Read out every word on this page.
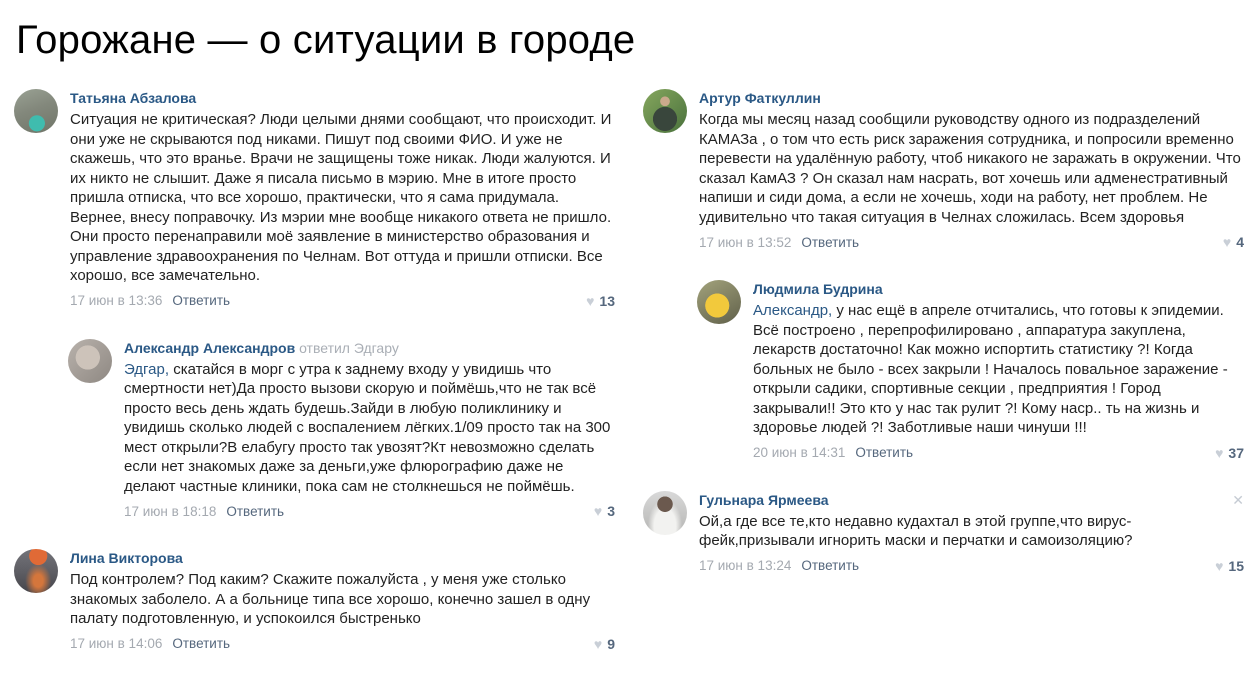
Горожане — о ситуации в городе
Татьяна Абзалова
Ситуация не критическая? Люди целыми днями сообщают, что происходит. И они уже не скрываются под никами. Пишут под своими ФИО. И уже не скажешь, что это вранье. Врачи не защищены тоже никак. Люди жалуются. И их никто не слышит. Даже я писала письмо в мэрию. Мне в итоге просто пришла отписка, что все хорошо, практически, что я сама придумала. Вернее, внесу поправочку. Из мэрии мне вообще никакого ответа не пришло. Они просто перенаправили моё заявление в министерство образования и управление здравоохранения по Челнам. Вот оттуда и пришли отписки. Все хорошо, все замечательно.
17 июн в 13:36 Ответить	♥ 13
Александр Александров ответил Эдгару
Эдгар, скатайся в морг с утра к заднему входу у увидишь что смертности нет)Да просто вызови скорую и поймёшь,что не так всё просто весь день ждать будешь.Зайди в любую поликлинику и увидишь сколько людей с воспалением лёгких.1/09 просто так на 300 мест открыли?В елабугу просто так увозят?Кт невозможно сделать если нет знакомых даже за деньги,уже флюрографию даже не делают частные клиники, пока сам не столкнешься не поймёшь.
17 июн в 18:18 Ответить	♥ 3
Лина Викторова
Под контролем? Под каким? Скажите пожалуйста , у меня уже столько знакомых заболело. А а больнице типа все хорошо, конечно зашел в одну палату подготовленную, и успокоился быстренько
17 июн в 14:06 Ответить	♥ 9
Артур Фаткуллин
Когда мы месяц назад сообщили руководству одного из подразделений КАМАЗа , о том что есть риск заражения сотрудника, и попросили временно перевести на удалённую работу, чтоб никакого не заражать в окружении. Что сказал КамАЗ ? Он сказал нам насрать, вот хочешь или адменестративный напиши и сиди дома, а если не хочешь, ходи на работу, нет проблем. Не удивительно что такая ситуация в Челнах сложилась. Всем здоровья
17 июн в 13:52 Ответить	♥ 4
Людмила Будрина
Александр, у нас ещё в апреле отчитались, что готовы к эпидемии. Всё построено , перепрофилировано , аппаратура закуплена, лекарств достаточно! Как можно испортить статистику ?! Когда больных не было - всех закрыли ! Началось повальное заражение - открыли садики, спортивные секции , предприятия ! Город закрывали!! Это кто у нас так рулит ?! Кому наср.. ть на жизнь и здоровье людей ?! Заботливые наши чинуши !!!
20 июн в 14:31 Ответить	♥ 37
Гульнара Ярмеева
Ой,а где все те,кто недавно кудахтал в этой группе,что вирус-фейк,призывали игнорить маски и перчатки и самоизоляцию?
17 июн в 13:24 Ответить	♥ 15
✕
